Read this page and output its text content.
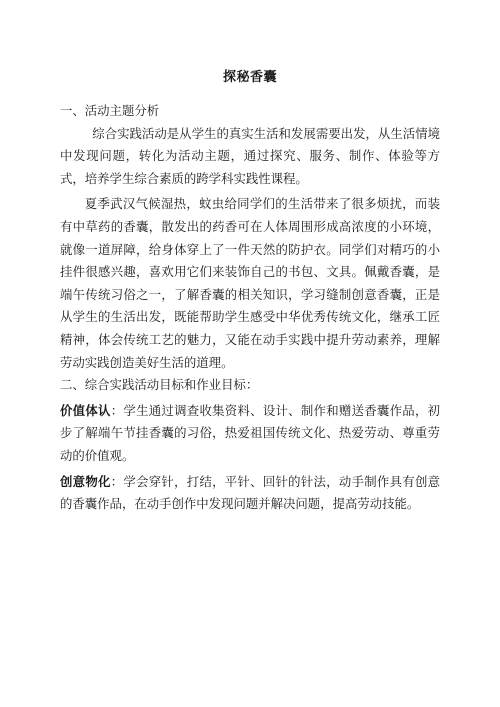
探秘香囊

一、活动主题分析

综合实践活动是从学生的真实生活和发展需要出发，从生活情境中发现问题，转化为活动主题，通过探究、服务、制作、体验等方式，培养学生综合素质的跨学科实践性课程。

夏季武汉气候湿热，蚊虫给同学们的生活带来了很多烦扰，而装有中草药的香囊，散发出的药香可在人体周围形成高浓度的小环境，就像一道屏障，给身体穿上了一件天然的防护衣。同学们对精巧的小挂件很感兴趣，喜欢用它们来装饰自己的书包、文具。佩戴香囊，是端午传统习俗之一，了解香囊的相关知识，学习缝制创意香囊，正是从学生的生活出发，既能帮助学生感受中华优秀传统文化，继承工匠精神，体会传统工艺的魅力，又能在动手实践中提升劳动素养，理解劳动实践创造美好生活的道理。

二、综合实践活动目标和作业目标：

价值体认：学生通过调查收集资料、设计、制作和赠送香囊作品，初步了解端午节挂香囊的习俗，热爱祖国传统文化、热爱劳动、尊重劳动的价值观。

创意物化：学会穿针，打结，平针、回针的针法，动手制作具有创意的香囊作品，在动手创作中发现问题并解决问题，提高劳动技能。
